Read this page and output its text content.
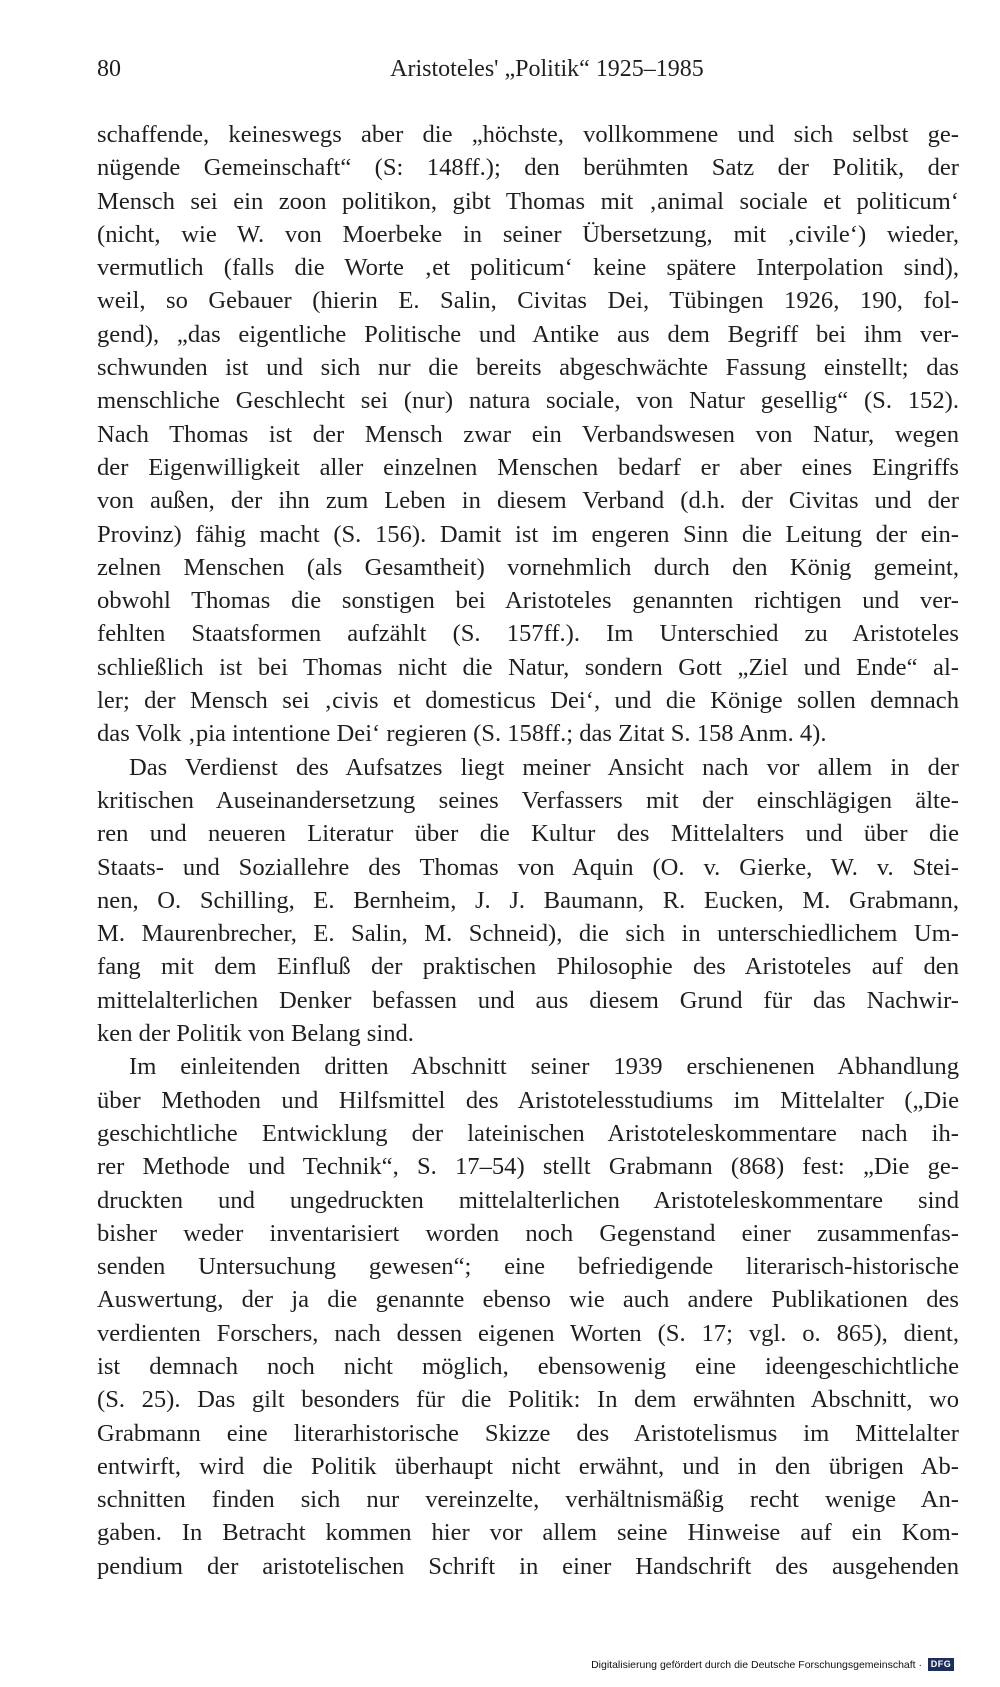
80	Aristoteles' „Politik“ 1925–1985

schaffende, keineswegs aber die „höchste, vollkommene und sich selbst ge-
nügende Gemeinschaft“ (S: 148ff.); den berühmten Satz der Politik, der
Mensch sei ein zoon politikon, gibt Thomas mit ‚animal sociale et politicum‘
(nicht, wie W. von Moerbeke in seiner Übersetzung, mit ‚civile‘) wieder,
vermutlich (falls die Worte ‚et politicum‘ keine spätere Interpolation sind),
weil, so Gebauer (hierin E. Salin, Civitas Dei, Tübingen 1926, 190, fol-
gend), „das eigentliche Politische und Antike aus dem Begriff bei ihm ver-
schwunden ist und sich nur die bereits abgeschwächte Fassung einstellt; das
menschliche Geschlecht sei (nur) natura sociale, von Natur gesellig“ (S. 152).
Nach Thomas ist der Mensch zwar ein Verbandswesen von Natur, wegen
der Eigenwilligkeit aller einzelnen Menschen bedarf er aber eines Eingriffs
von außen, der ihn zum Leben in diesem Verband (d.h. der Civitas und der
Provinz) fähig macht (S. 156). Damit ist im engeren Sinn die Leitung der ein-
zelnen Menschen (als Gesamtheit) vornehmlich durch den König gemeint,
obwohl Thomas die sonstigen bei Aristoteles genannten richtigen und ver-
fehlten Staatsformen aufzählt (S. 157ff.). Im Unterschied zu Aristoteles
schließlich ist bei Thomas nicht die Natur, sondern Gott „Ziel und Ende“ al-
ler; der Mensch sei ‚civis et domesticus Dei‘, und die Könige sollen demnach
das Volk ‚pia intentione Dei‘ regieren (S. 158ff.; das Zitat S. 158 Anm. 4).

Das Verdienst des Aufsatzes liegt meiner Ansicht nach vor allem in der
kritischen Auseinandersetzung seines Verfassers mit der einschlägigen älte-
ren und neueren Literatur über die Kultur des Mittelalters und über die
Staats- und Soziallehre des Thomas von Aquin (O. v. Gierke, W. v. Stei-
nen, O. Schilling, E. Bernheim, J. J. Baumann, R. Eucken, M. Grabmann,
M. Maurenbrecher, E. Salin, M. Schneid), die sich in unterschiedlichem Um-
fang mit dem Einfluß der praktischen Philosophie des Aristoteles auf den
mittelalterlichen Denker befassen und aus diesem Grund für das Nachwir-
ken der Politik von Belang sind.

Im einleitenden dritten Abschnitt seiner 1939 erschienenen Abhandlung
über Methoden und Hilfsmittel des Aristotelesstudiums im Mittelalter („Die
geschichtliche Entwicklung der lateinischen Aristoteleskommentare nach ih-
rer Methode und Technik“, S. 17–54) stellt Grabmann (868) fest: „Die ge-
druckten und ungedruckten mittelalterlichen Aristoteleskommentare sind
bisher weder inventarisiert worden noch Gegenstand einer zusammenfas-
senden Untersuchung gewesen“; eine befriedigende literarisch-historische
Auswertung, der ja die genannte ebenso wie auch andere Publikationen des
verdienten Forschers, nach dessen eigenen Worten (S. 17; vgl. o. 865), dient,
ist demnach noch nicht möglich, ebensowenig eine ideengeschichtliche
(S. 25). Das gilt besonders für die Politik: In dem erwähnten Abschnitt, wo
Grabmann eine literarhistorische Skizze des Aristotelismus im Mittelalter
entwirft, wird die Politik überhaupt nicht erwähnt, und in den übrigen Ab-
schnitten finden sich nur vereinzelte, verhältnismäßig recht wenige An-
gaben. In Betracht kommen hier vor allem seine Hinweise auf ein Kom-
pendium der aristotelischen Schrift in einer Handschrift des ausgehenden

Digitalisierung gefördert durch die Deutsche Forschungsgemeinschaft · DFG
